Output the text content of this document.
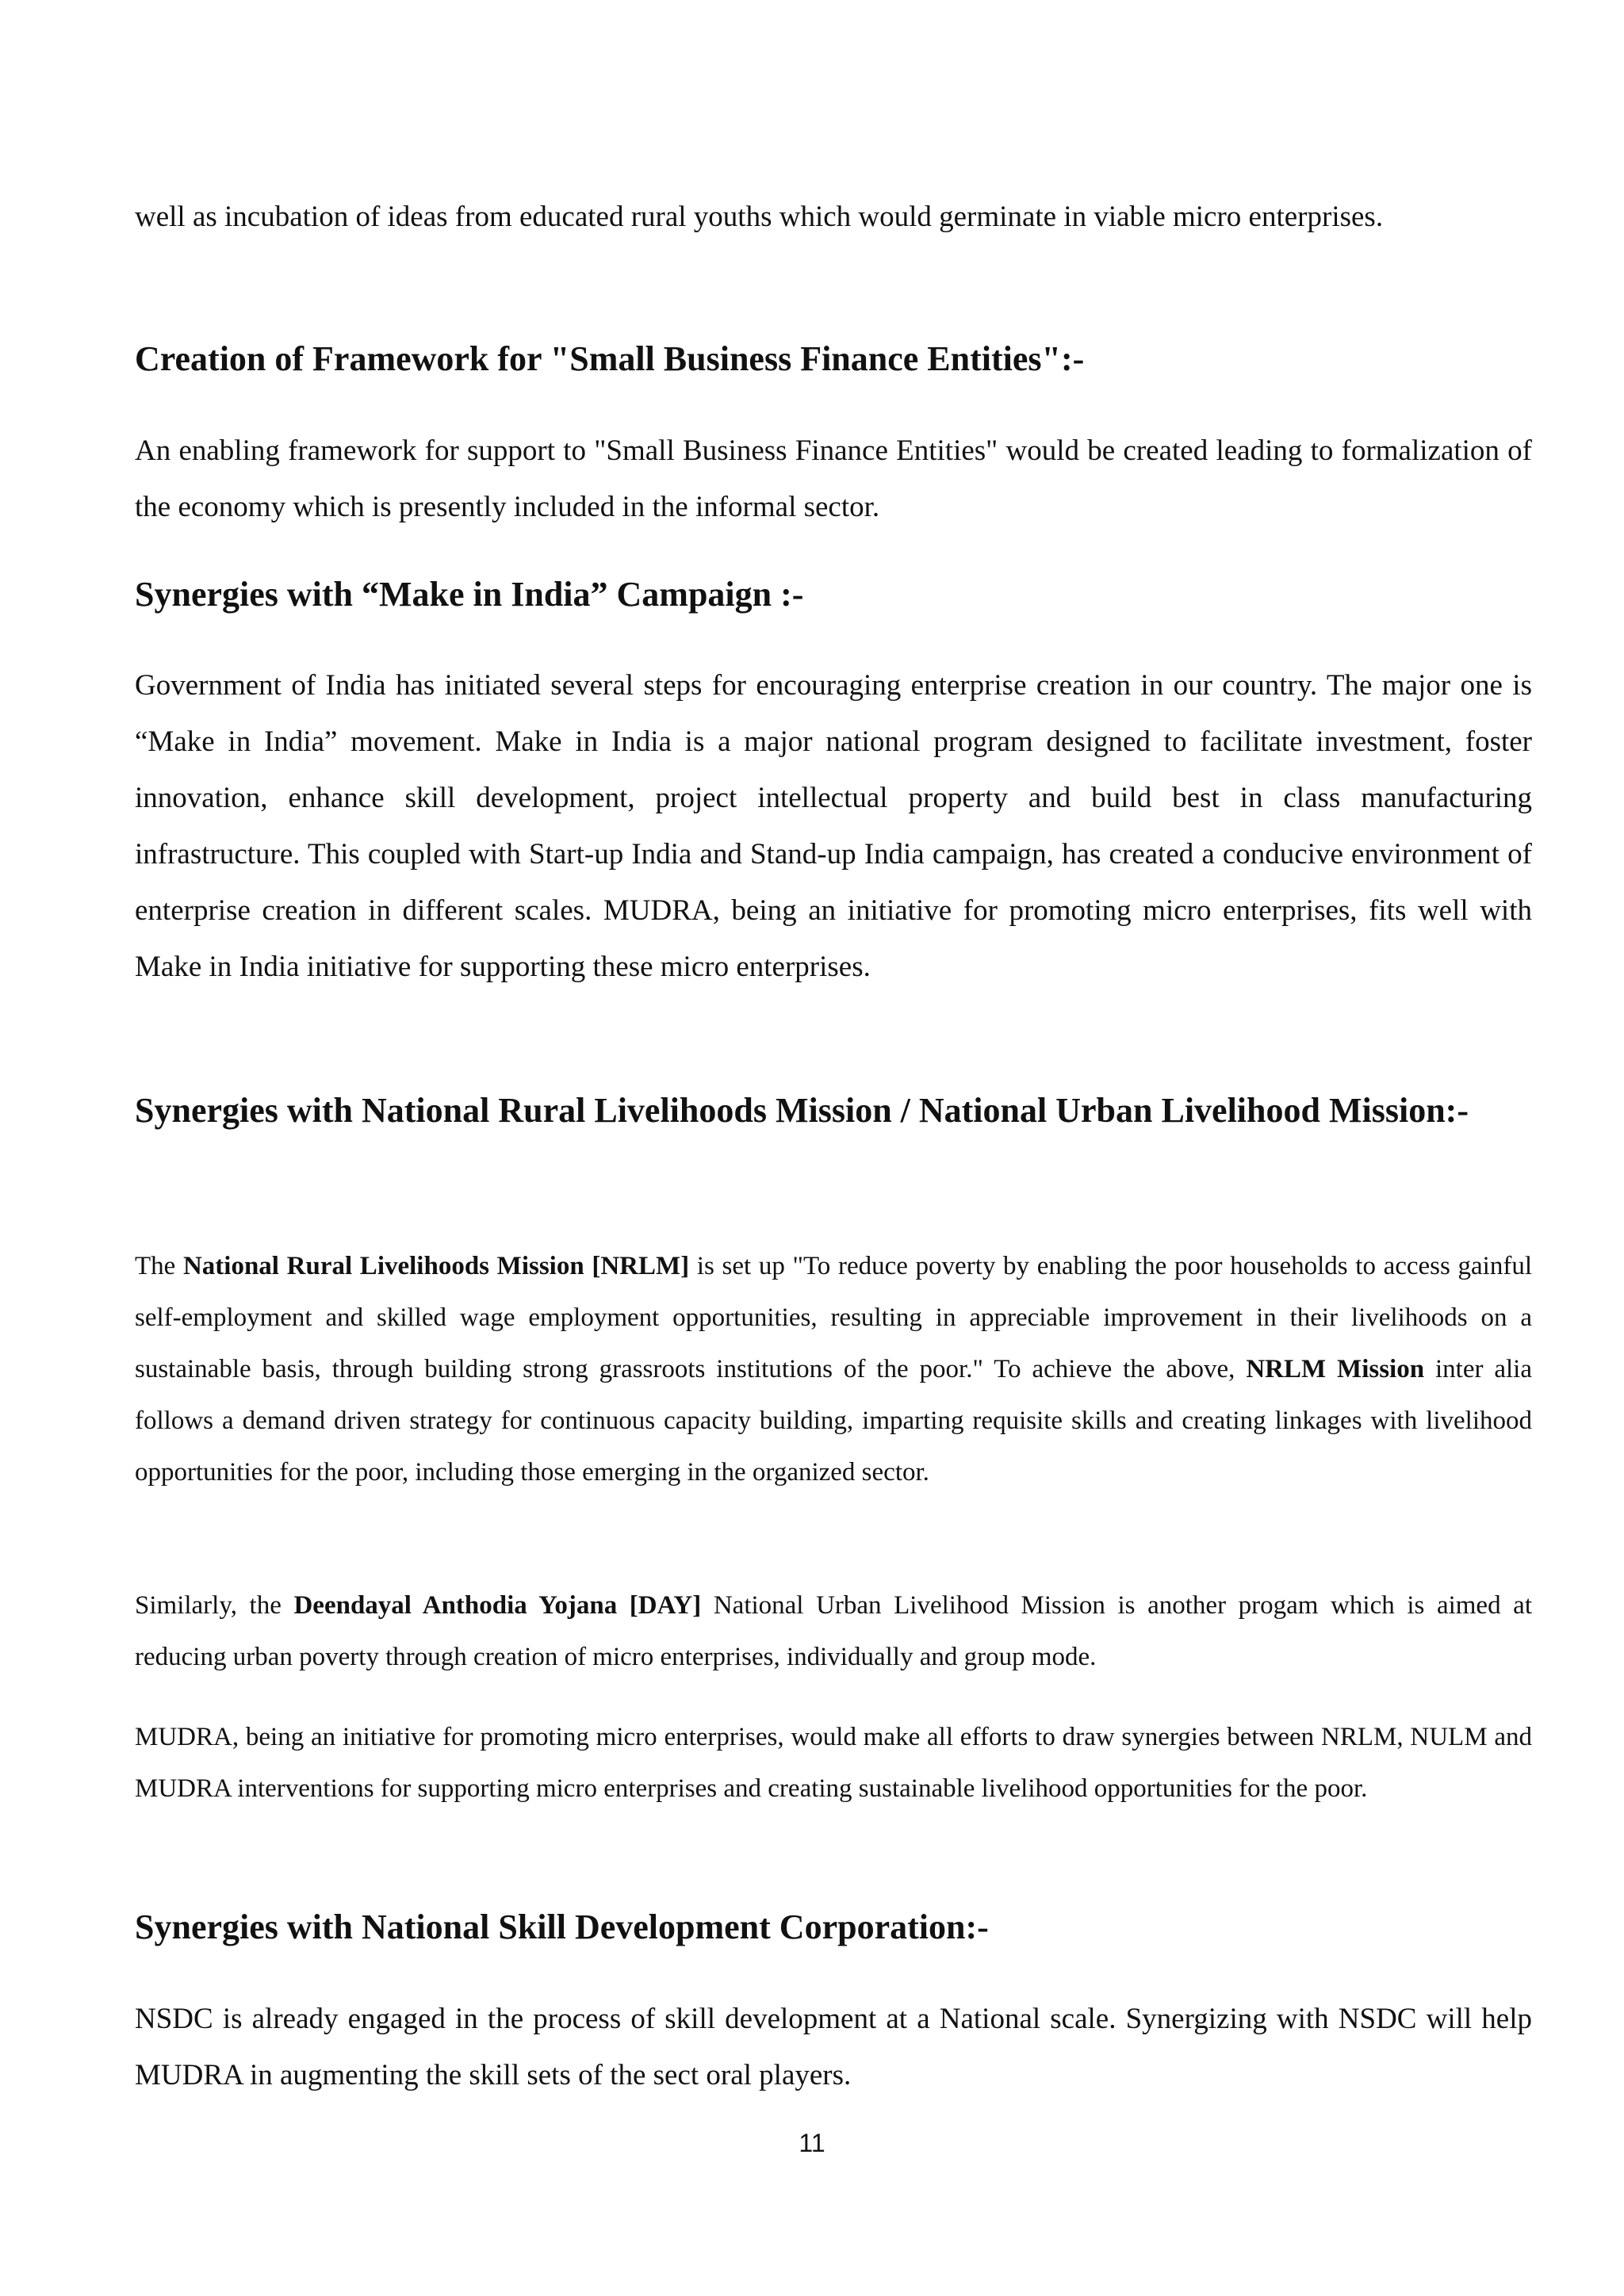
well as incubation of ideas from educated rural youths which would germinate in viable micro enterprises.

Creation of Framework for "Small Business Finance Entities":-

An enabling framework for support to "Small Business Finance Entities" would be created leading to formalization of the economy which is presently included in the informal sector.

Synergies with “Make in India” Campaign :-

Government of India has initiated several steps for encouraging enterprise creation in our country. The major one is “Make in India” movement. Make in India is a major national program designed to facilitate investment, foster innovation, enhance skill development, project intellectual property and build best in class manufacturing infrastructure. This coupled with Start-up India and Stand-up India campaign, has created a conducive environment of enterprise creation in different scales. MUDRA, being an initiative for promoting micro enterprises, fits well with Make in India initiative for supporting these micro enterprises.

Synergies with National Rural Livelihoods Mission / National Urban Livelihood Mission:-

The National Rural Livelihoods Mission [NRLM] is set up "To reduce poverty by enabling the poor households to access gainful self-employment and skilled wage employment opportunities, resulting in appreciable improvement in their livelihoods on a sustainable basis, through building strong grassroots institutions of the poor." To achieve the above, NRLM Mission inter alia follows a demand driven strategy for continuous capacity building, imparting requisite skills and creating linkages with livelihood opportunities for the poor, including those emerging in the organized sector.

Similarly, the Deendayal Anthodia Yojana [DAY] National Urban Livelihood Mission is another progam which is aimed at reducing urban poverty through creation of micro enterprises, individually and group mode.

MUDRA, being an initiative for promoting micro enterprises, would make all efforts to draw synergies between NRLM, NULM and MUDRA interventions for supporting micro enterprises and creating sustainable livelihood opportunities for the poor.

Synergies with National Skill Development Corporation:-

NSDC is already engaged in the process of skill development at a National scale. Synergizing with NSDC will help MUDRA in augmenting the skill sets of the sect oral players.

11
